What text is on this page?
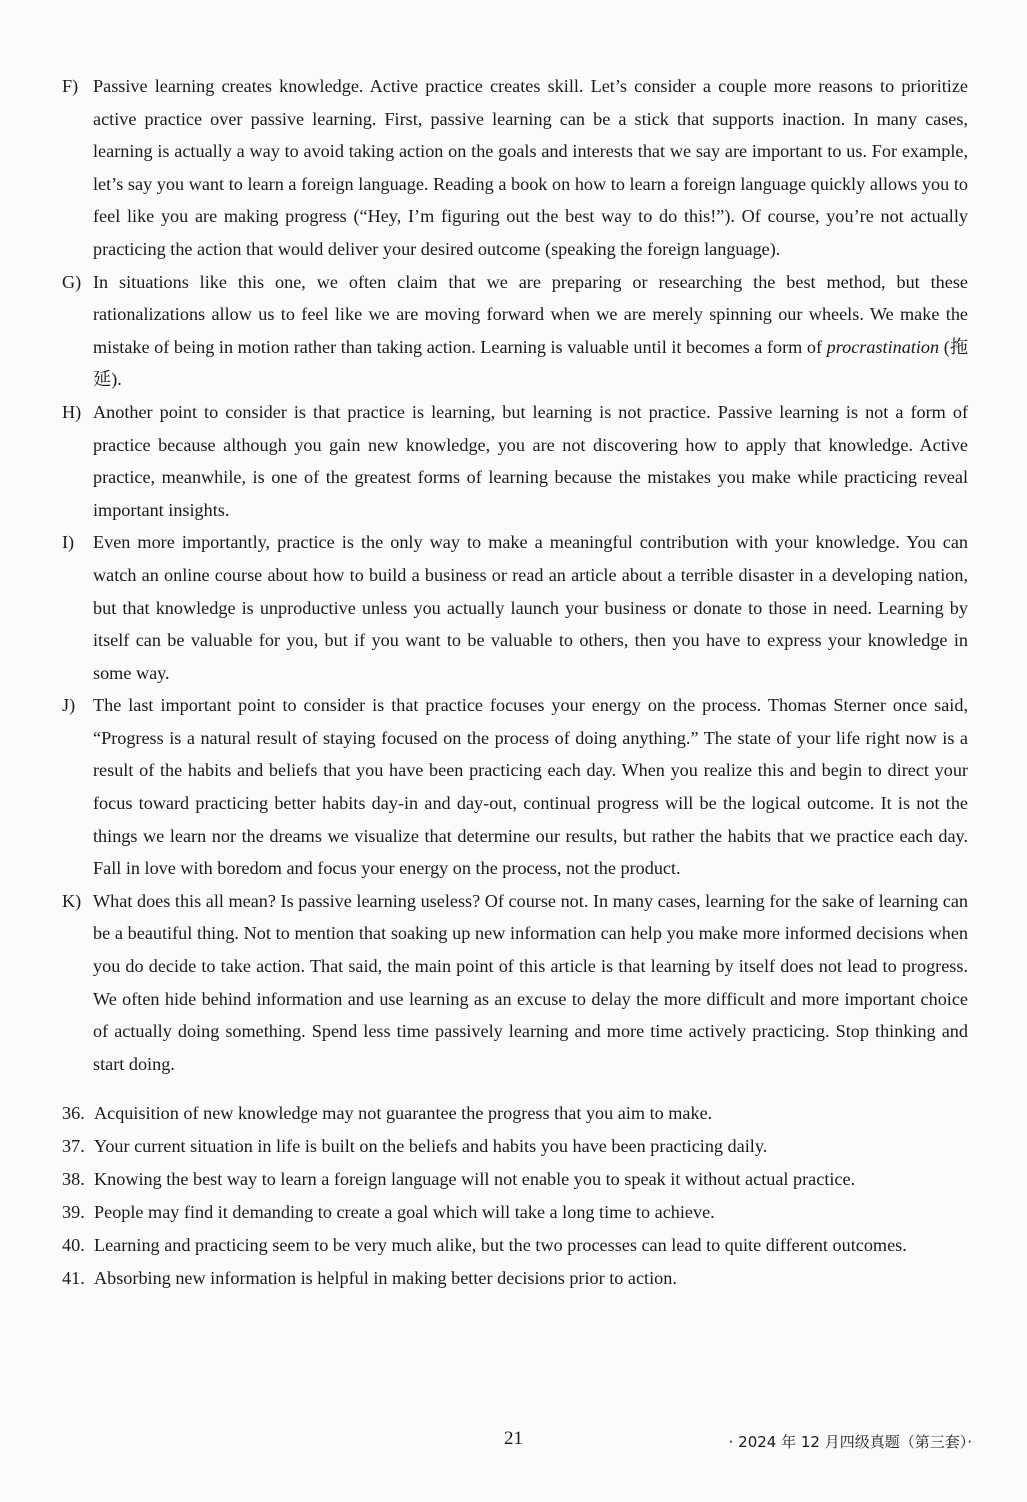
F) Passive learning creates knowledge. Active practice creates skill. Let’s consider a couple more reasons to prioritize active practice over passive learning. First, passive learning can be a stick that supports inaction. In many cases, learning is actually a way to avoid taking action on the goals and interests that we say are important to us. For example, let’s say you want to learn a foreign language. Reading a book on how to learn a foreign language quickly allows you to feel like you are making progress (“Hey, I’m figuring out the best way to do this!”). Of course, you’re not actually practicing the action that would deliver your desired outcome (speaking the foreign language).
G) In situations like this one, we often claim that we are preparing or researching the best method, but these rationalizations allow us to feel like we are moving forward when we are merely spinning our wheels. We make the mistake of being in motion rather than taking action. Learning is valuable until it becomes a form of procrastination (拖延).
H) Another point to consider is that practice is learning, but learning is not practice. Passive learning is not a form of practice because although you gain new knowledge, you are not discovering how to apply that knowledge. Active practice, meanwhile, is one of the greatest forms of learning because the mistakes you make while practicing reveal important insights.
I)	Even more importantly, practice is the only way to make a meaningful contribution with your knowledge. You can watch an online course about how to build a business or read an article about a terrible disaster in a developing nation, but that knowledge is unproductive unless you actually launch your business or donate to those in need. Learning by itself can be valuable for you, but if you want to be valuable to others, then you have to express your knowledge in some way.
J) The last important point to consider is that practice focuses your energy on the process. Thomas Sterner once said, “Progress is a natural result of staying focused on the process of doing anything.” The state of your life right now is a result of the habits and beliefs that you have been practicing each day. When you realize this and begin to direct your focus toward practicing better habits day-in and day-out, continual progress will be the logical outcome. It is not the things we learn nor the dreams we visualize that determine our results, but rather the habits that we practice each day. Fall in love with boredom and focus your energy on the process, not the product.
K) What does this all mean? Is passive learning useless? Of course not. In many cases, learning for the sake of learning can be a beautiful thing. Not to mention that soaking up new information can help you make more informed decisions when you do decide to take action. That said, the main point of this article is that learning by itself does not lead to progress. We often hide behind information and use learning as an excuse to delay the more difficult and more important choice of actually doing something. Spend less time passively learning and more time actively practicing. Stop thinking and start doing.
36. Acquisition of new knowledge may not guarantee the progress that you aim to make.
37. Your current situation in life is built on the beliefs and habits you have been practicing daily.
38. Knowing the best way to learn a foreign language will not enable you to speak it without actual practice.
39. People may find it demanding to create a goal which will take a long time to achieve.
40. Learning and practicing seem to be very much alike, but the two processes can lead to quite different outcomes.
41. Absorbing new information is helpful in making better decisions prior to action.
21	· 2024 年 12 月四级真题（第三套）·
